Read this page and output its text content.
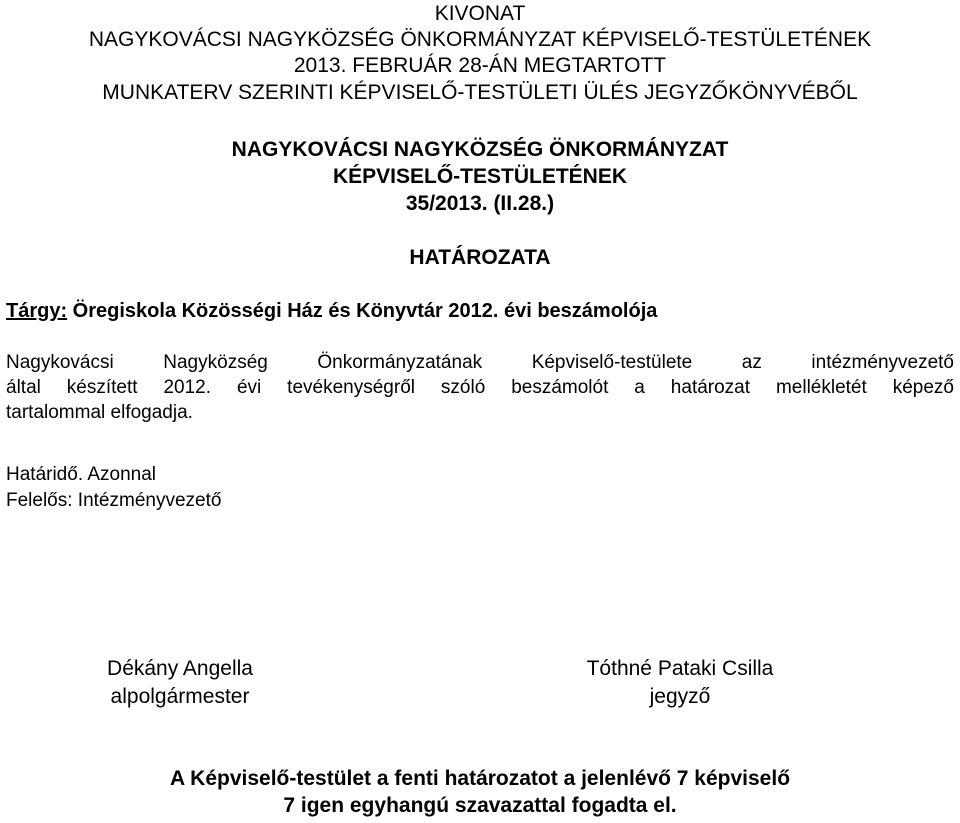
KIVONAT
NAGYKOVÁCSI NAGYKÖZSÉG ÖNKORMÁNYZAT KÉPVISELŐ-TESTÜLETÉNEK
2013. FEBRUÁR 28-ÁN MEGTARTOTT
MUNKATERV SZERINTI KÉPVISELŐ-TESTÜLETI ÜLÉS JEGYZŐKÖNYVÉBŐL
NAGYKOVÁCSI NAGYKÖZSÉG ÖNKORMÁNYZAT
KÉPVISELŐ-TESTÜLETÉNEK
35/2013. (II.28.)
HATÁROZATA
Tárgy: Öregiskola Közösségi Ház és Könyvtár 2012. évi beszámolója
Nagykovácsi Nagyközség Önkormányzatának Képviselő-testülete az intézményvezető
által készített 2012. évi tevékenységről szóló beszámolót a határozat mellékletét képező
tartalommal elfogadja.
Határidő. Azonnal
Felelős: Intézményvezető
Dékány Angella
alpolgármester
Tóthné Pataki Csilla
jegyző
A Képviselő-testület a fenti határozatot a jelenlévő 7 képviselő
7 igen egyhangú szavazattal fogadta el.
